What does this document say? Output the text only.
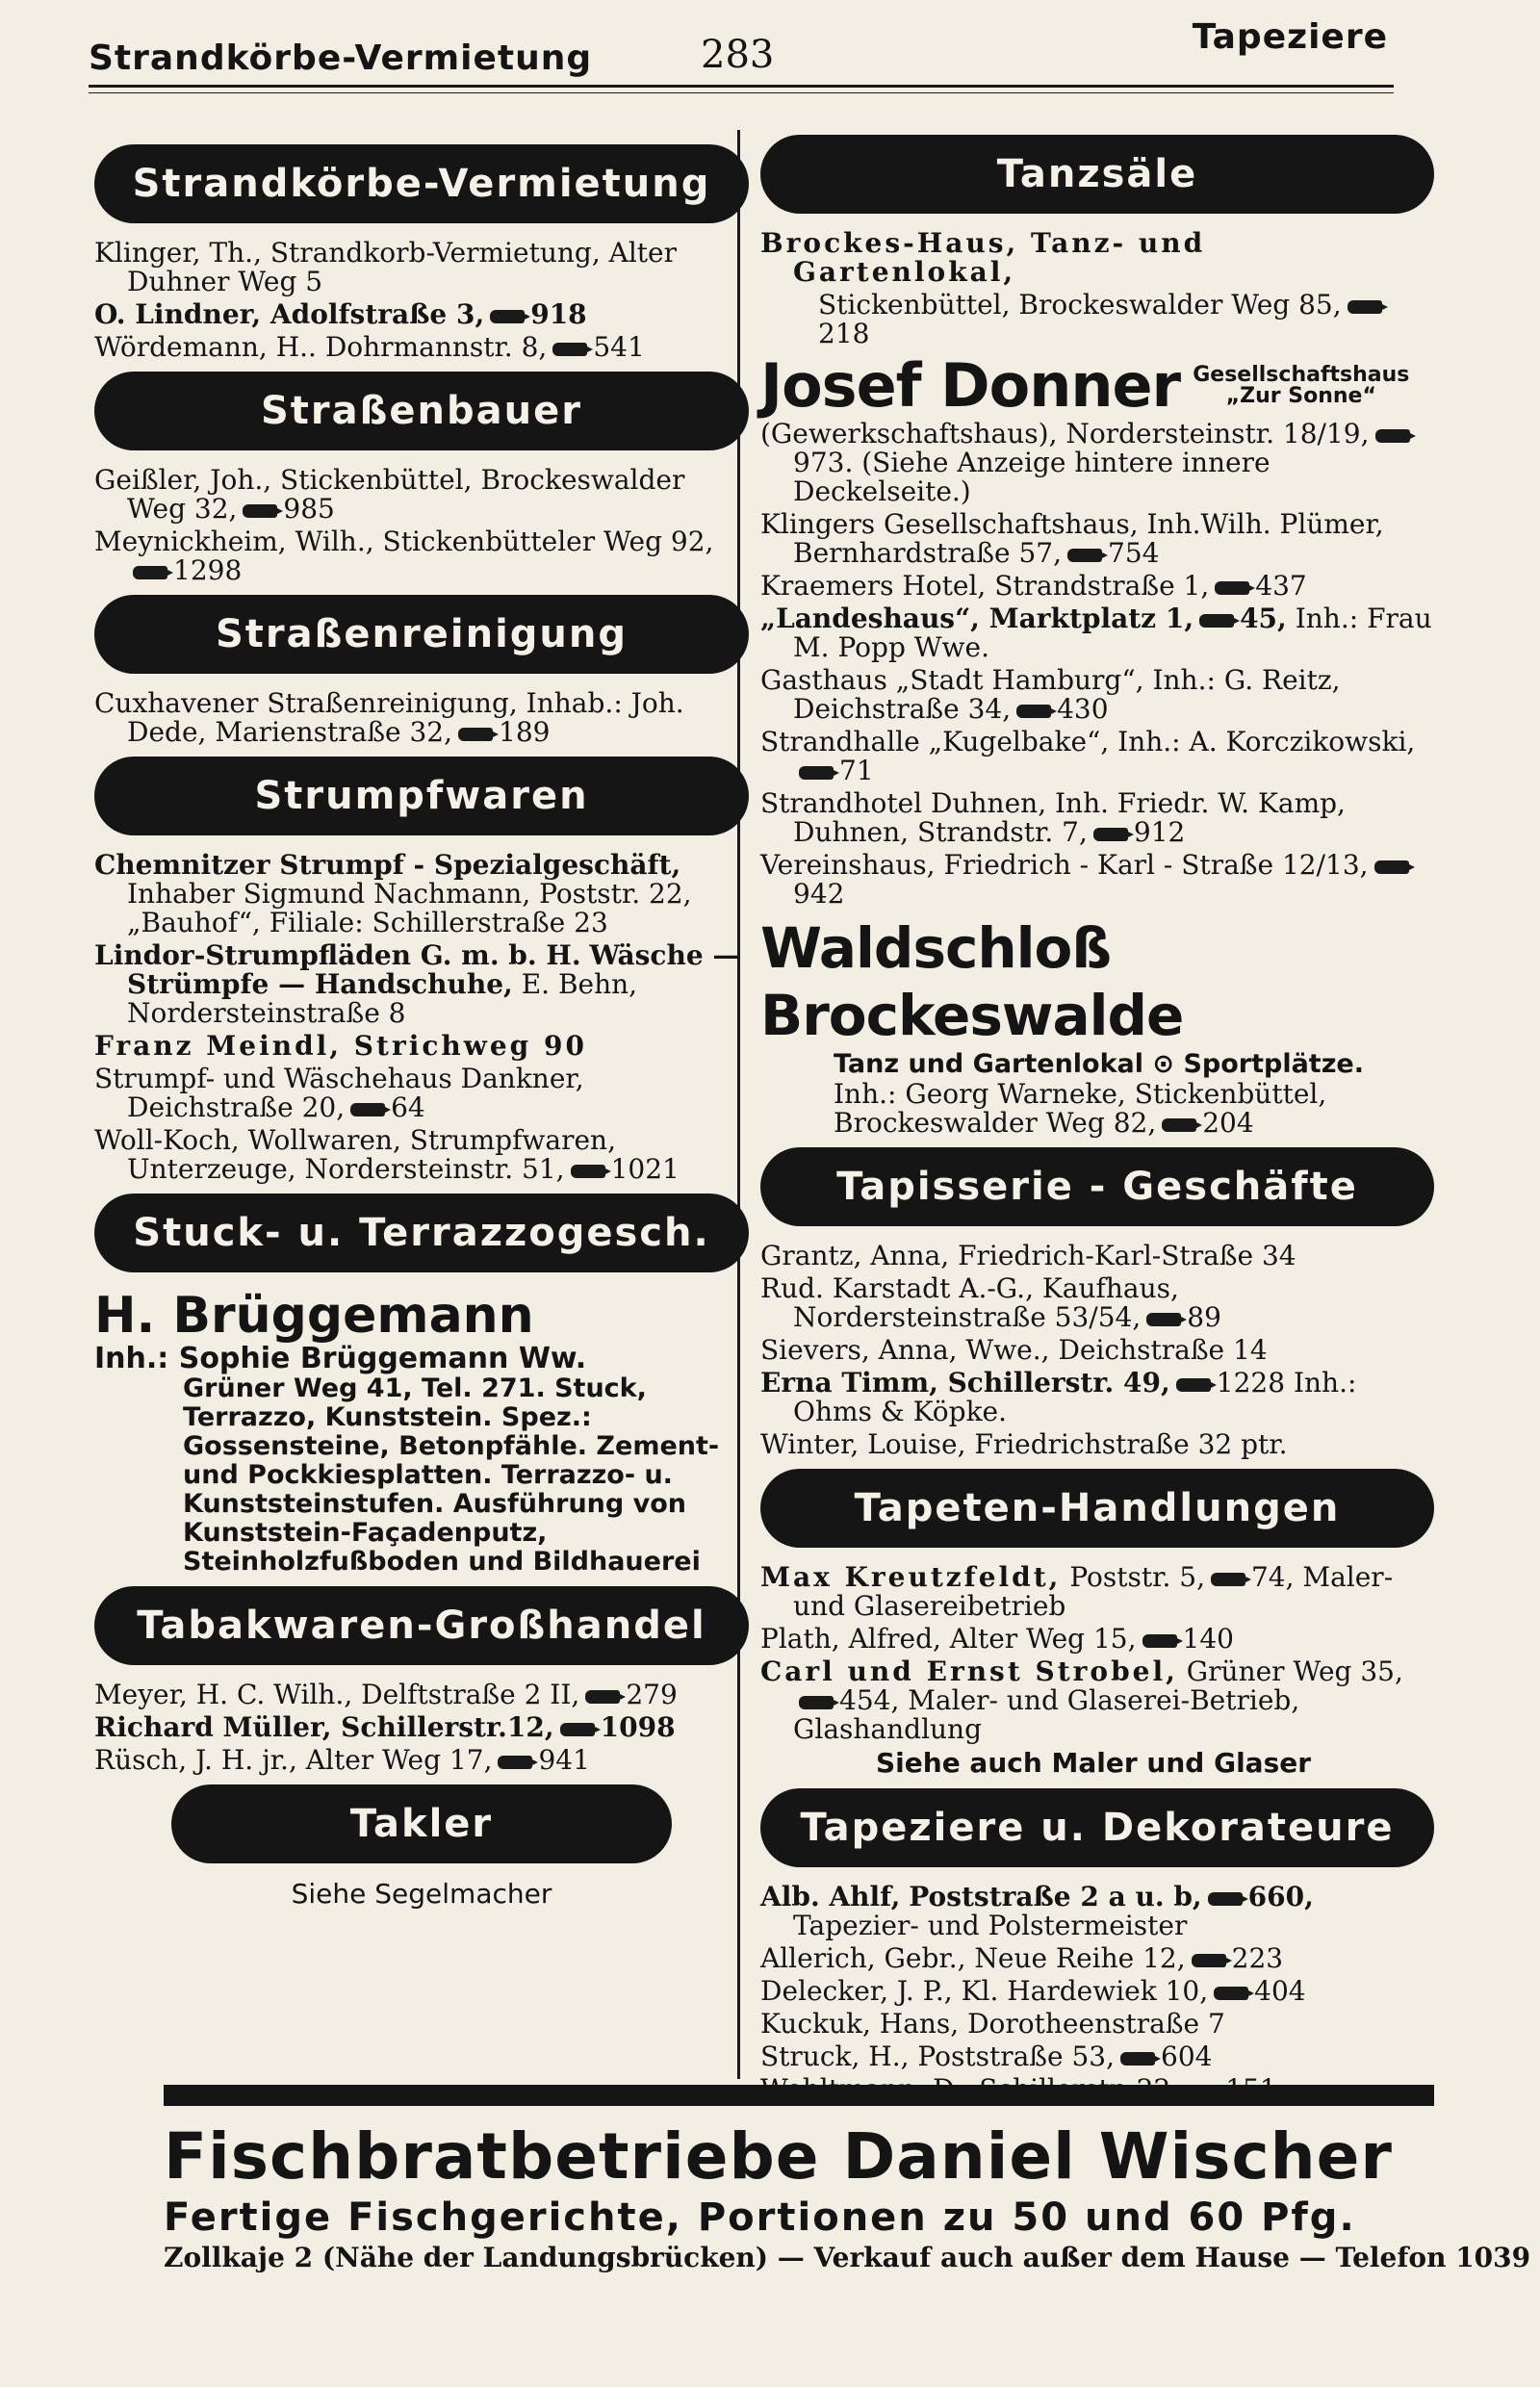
Strandkörbe-Vermietung	283	Tapeziere
Strandkörbe-Vermietung
Klinger, Th., Strandkorb-Vermietung, Alter Duhner Weg 5
O. Lindner, Adolfstraße 3, 918
Wördemann, H.. Dohrmannstr. 8, 541
Straßenbauer
Geißler, Joh., Stickenbüttel, Brockeswalder Weg 32, 985
Meynickheim, Wilh., Stickenbütteler Weg 92,1298
Straßenreinigung
Cuxhavener Straßenreinigung, Inhab.: Joh. Dede, Marienstraße 32, 189
Strumpfwaren
Chemnitzer Strumpf - Spezialgeschäft, Inhaber Sigmund Nachmann, Poststr. 22, „Bauhof“, Filiale: Schillerstraße 23
Lindor-Strumpfläden G. m. b. H. Wäsche — Strümpfe — Handschuhe, E. Behn, Nordersteinstraße 8
Franz Meindl, Strichweg 90
Strumpf- und Wäschehaus Dankner, Deichstraße 20, 64
Woll-Koch, Wollwaren, Strumpfwaren, Unterzeuge, Nordersteinstr. 51, 1021
Stuck- u. Terrazzogesch.
H. Brüggemann
Inh.: Sophie Brüggemann Ww.
Grüner Weg 41, Tel. 271. Stuck, Terrazzo, Kunststein. Spez.: Gossensteine, Betonpfähle. Zement- und Pockkiesplatten. Terrazzo- u. Kunststeinstufen. Ausführung von Kunststein-Façadenputz, Steinholzfußboden und Bildhauerei
Tabakwaren-Großhandel
Meyer, H. C. Wilh., Delftstraße 2 II, 279
Richard Müller, Schillerstr.12, 1098
Rüsch, J. H. jr., Alter Weg 17, 941
Takler
Siehe Segelmacher
Tanzsäle
Brockes-Haus, Tanz- und Gartenlokal,
Stickenbüttel, Brockeswalder Weg 85,218
Josef Donner Gesellschaftshaus
„Zur Sonne“
(Gewerkschaftshaus), Nordersteinstr. 18/19,973. (Siehe Anzeige hintere innere Deckelseite.)
Klingers Gesellschaftshaus, Inh.Wilh. Plümer, Bernhardstraße 57, 754
Kraemers Hotel, Strandstraße 1, 437
„Landeshaus“, Marktplatz 1, 45, Inh.: Frau M. Popp Wwe.
Gasthaus „Stadt Hamburg“, Inh.: G. Reitz, Deichstraße 34, 430
Strandhalle „Kugelbake“, Inh.: A. Korczikowski,71
Strandhotel Duhnen, Inh. Friedr. W. Kamp, Duhnen, Strandstr. 7, 912
Vereinshaus, Friedrich - Karl - Straße 12/13,942
Waldschloß Brockeswalde
Tanz und Gartenlokal ⊙ Sportplätze.
Inh.: Georg Warneke, Stickenbüttel,
Brockeswalder Weg 82, 204
Tapisserie - Geschäfte
Grantz, Anna, Friedrich-Karl-Straße 34
Rud. Karstadt A.-G., Kaufhaus, Nordersteinstraße 53/54, 89
Sievers, Anna, Wwe., Deichstraße 14
Erna Timm, Schillerstr. 49, 1228 Inh.: Ohms & Köpke.
Winter, Louise, Friedrichstraße 32 ptr.
Tapeten-Handlungen
Max Kreutzfeldt, Poststr. 5, 74, Maler- und Glasereibetrieb
Plath, Alfred, Alter Weg 15, 140
Carl und Ernst Strobel, Grüner Weg 35,454, Maler- und Glaserei-Betrieb, Glashandlung
Siehe auch Maler und Glaser
Tapeziere u. Dekorateure
Alb. Ahlf, Poststraße 2 a u. b, 660, Tapezier- und Polstermeister
Allerich, Gebr., Neue Reihe 12, 223
Delecker, J. P., Kl. Hardewiek 10, 404
Kuckuk, Hans, Dorotheenstraße 7
Struck, H., Poststraße 53, 604
Fischbratbetriebe Daniel Wischer
Fertige Fischgerichte, Portionen zu 50 und 60 Pfg.
Zollkaje 2 (Nähe der Landungsbrücken) — Verkauf auch außer dem Hause — Telefon 1039
